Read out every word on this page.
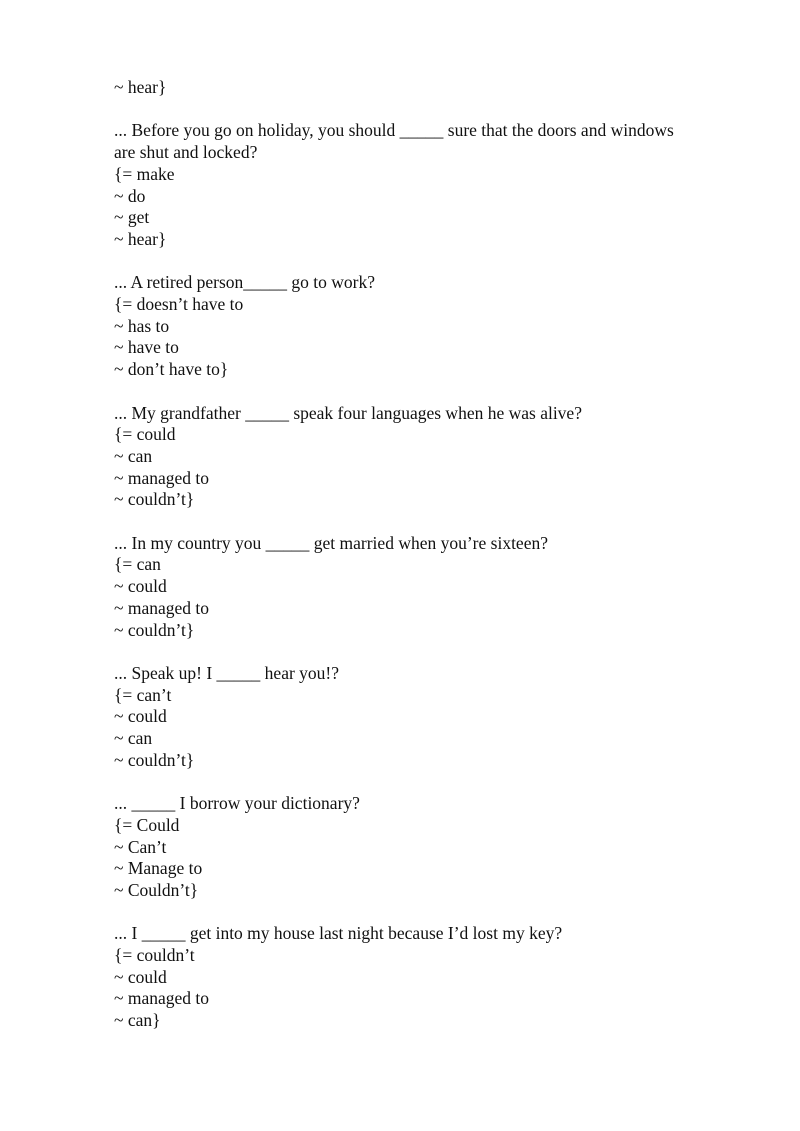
~ hear}

... Before you go on holiday, you should _____ sure that the doors and windows

are shut and locked?

{= make

~ do

~ get

~ hear}

... A retired person_____ go to work?

{= doesn’t have to

~ has to

~ have to

~ don’t have to}

... My grandfather _____ speak four languages when he was alive?

{= could

~ can

~ managed to

~ couldn’t}

... In my country you _____ get married when you’re sixteen?

{= can

~ could

~ managed to

~ couldn’t}

... Speak up! I _____ hear you!?

{= can’t

~ could

~ can

~ couldn’t}

... _____ I borrow your dictionary?

{= Could

~ Can’t

~ Manage to

~ Couldn’t}

... I _____ get into my house last night because I’d lost my key?

{= couldn’t

~ could

~ managed to

~ can}
